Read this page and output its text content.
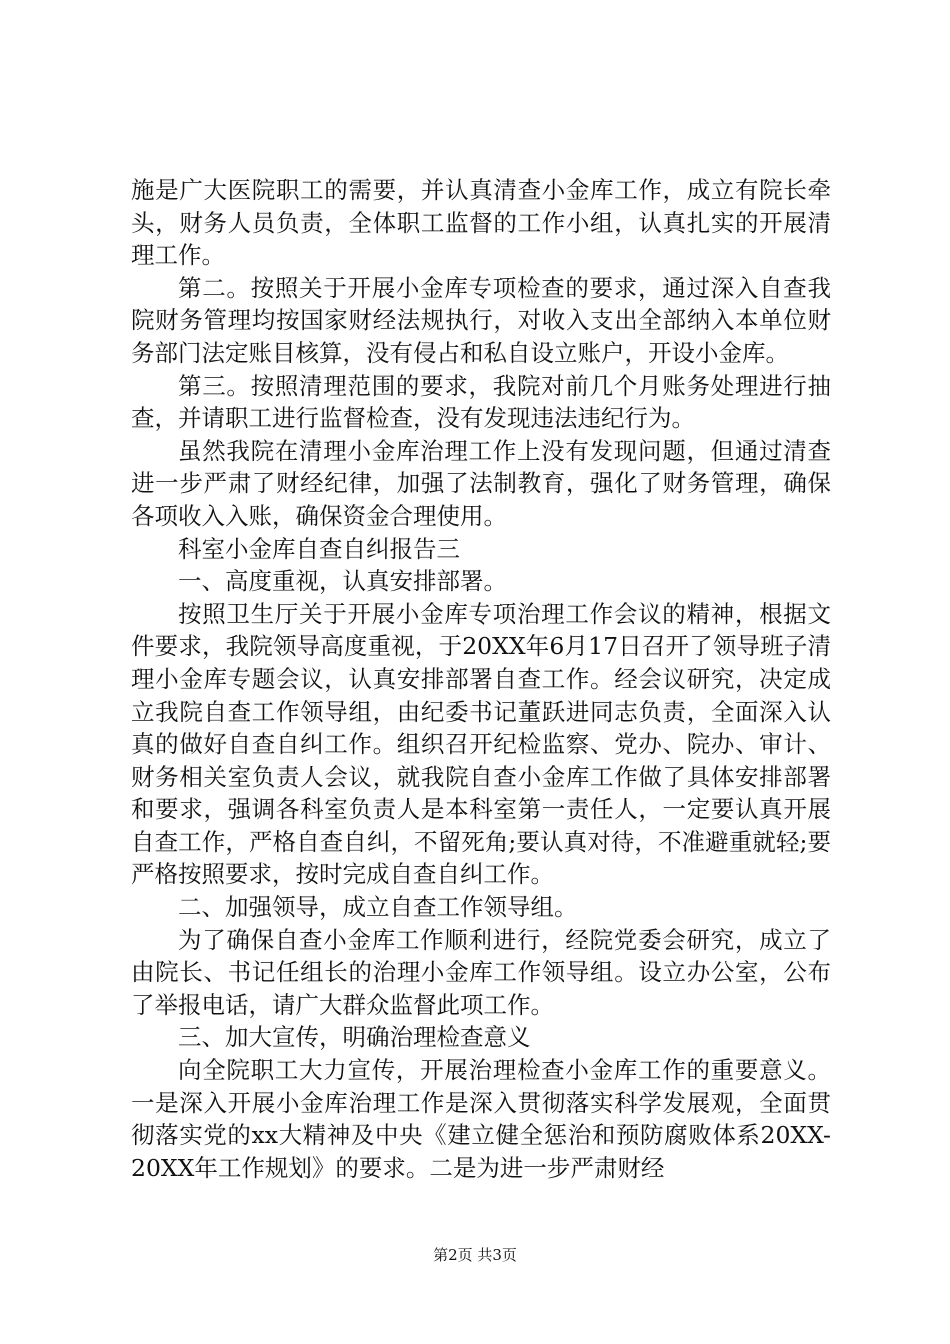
施是广大医院职工的需要，并认真清查小金库工作，成立有院长牵头，财务人员负责，全体职工监督的工作小组，认真扎实的开展清理工作。

第二。按照关于开展小金库专项检查的要求，通过深入自查我院财务管理均按国家财经法规执行，对收入支出全部纳入本单位财务部门法定账目核算，没有侵占和私自设立账户，开设小金库。

第三。按照清理范围的要求，我院对前几个月账务处理进行抽查，并请职工进行监督检查，没有发现违法违纪行为。

虽然我院在清理小金库治理工作上没有发现问题，但通过清查进一步严肃了财经纪律，加强了法制教育，强化了财务管理，确保各项收入入账，确保资金合理使用。

科室小金库自查自纠报告三

一、高度重视，认真安排部署。

按照卫生厅关于开展小金库专项治理工作会议的精神，根据文件要求，我院领导高度重视，于20XX年6月17日召开了领导班子清理小金库专题会议，认真安排部署自查工作。经会议研究，决定成立我院自查工作领导组，由纪委书记董跃进同志负责，全面深入认真的做好自查自纠工作。组织召开纪检监察、党办、院办、审计、财务相关室负责人会议，就我院自查小金库工作做了具体安排部署和要求，强调各科室负责人是本科室第一责任人，一定要认真开展自查工作，严格自查自纠，不留死角;要认真对待，不准避重就轻;要严格按照要求，按时完成自查自纠工作。

二、加强领导，成立自查工作领导组。

为了确保自查小金库工作顺利进行，经院党委会研究，成立了由院长、书记任组长的治理小金库工作领导组。设立办公室，公布了举报电话，请广大群众监督此项工作。

三、加大宣传，明确治理检查意义

向全院职工大力宣传，开展治理检查小金库工作的重要意义。一是深入开展小金库治理工作是深入贯彻落实科学发展观，全面贯彻落实党的xx大精神及中央《建立健全惩治和预防腐败体系20XX-20XX年工作规划》的要求。二是为进一步严肃财经

第2页 共3页
